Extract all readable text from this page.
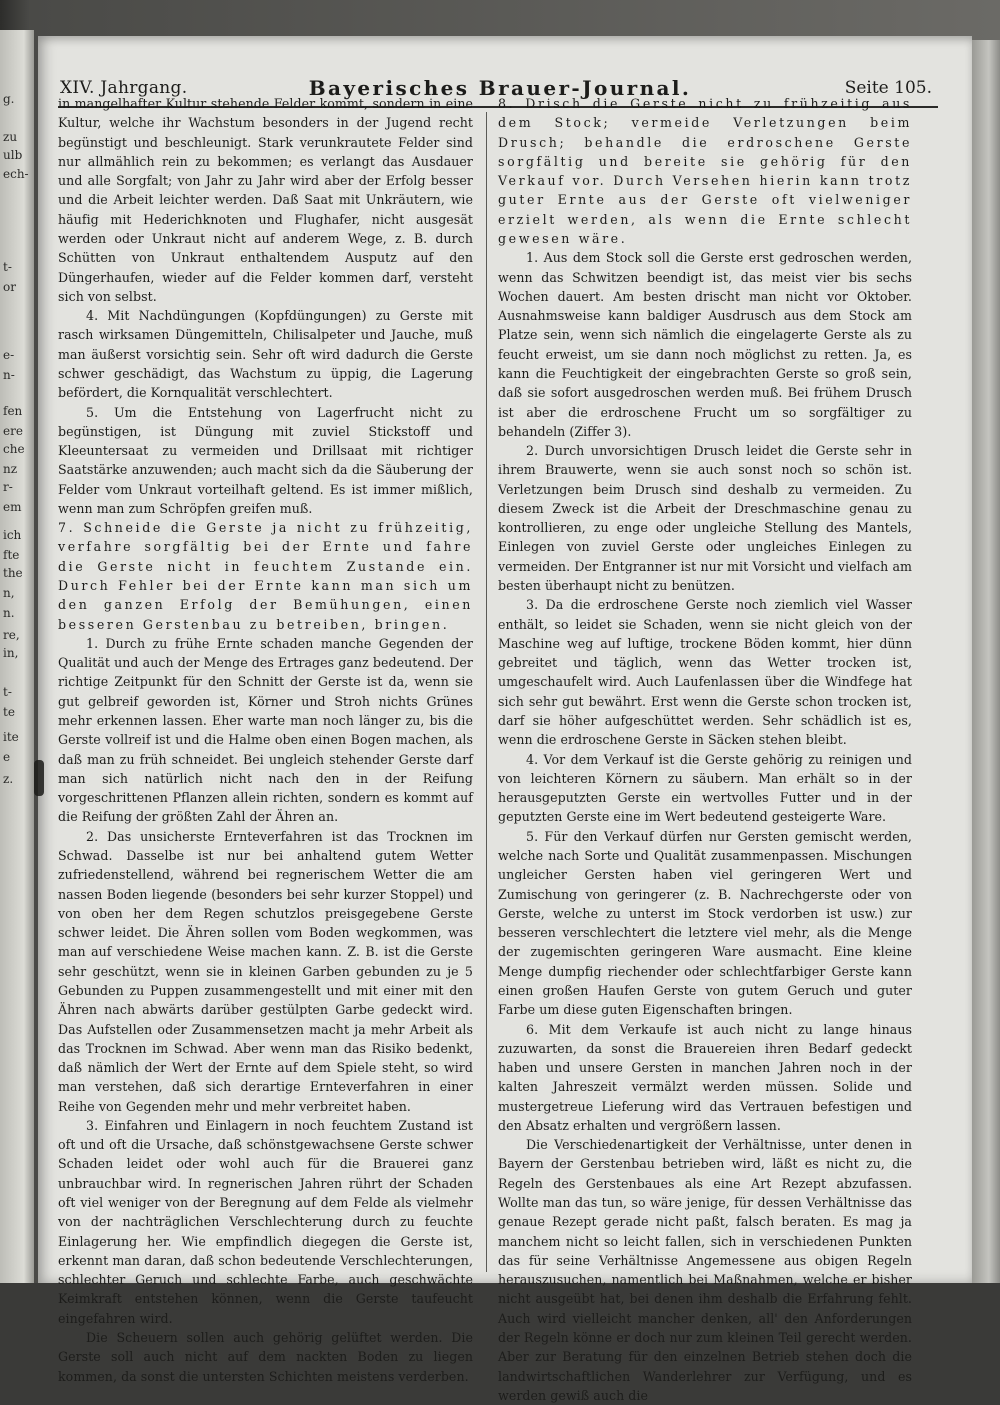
g.
zu
ulb
ech-
t-
or
e-
n-
fen
ere
che
nz
r-
em
ich
fte
the
n,
n.
re,
in,
t-
te
ite
e
z.
XIV. Jahrgang.	Bayerisches Brauer-Journal.	Seite 105.

in mangelhafter Kultur stehende Felder kommt, sondern in eine Kultur, welche ihr Wachstum besonders in der Jugend recht begünstigt und beschleunigt. Stark verunkrautete Felder sind nur allmählich rein zu bekommen; es verlangt das Ausdauer und alle Sorgfalt; von Jahr zu Jahr wird aber der Erfolg besser und die Arbeit leichter werden. Daß Saat mit Unkräutern, wie häufig mit Hederichknoten und Flughafer, nicht ausgesät werden oder Unkraut nicht auf anderem Wege, z. B. durch Schütten von Unkraut enthaltendem Ausputz auf den Düngerhaufen, wieder auf die Felder kommen darf, versteht sich von selbst.

4. Mit Nachdüngungen (Kopfdüngungen) zu Gerste mit rasch wirksamen Düngemitteln, Chilisalpeter und Jauche, muß man äußerst vorsichtig sein. Sehr oft wird dadurch die Gerste schwer geschädigt, das Wachstum zu üppig, die Lagerung befördert, die Kornqualität verschlechtert.

5. Um die Entstehung von Lagerfrucht nicht zu begünstigen, ist Düngung mit zuviel Stickstoff und Kleeuntersaat zu vermeiden und Drillsaat mit richtiger Saatstärke anzuwenden; auch macht sich da die Säuberung der Felder vom Unkraut vorteilhaft geltend. Es ist immer mißlich, wenn man zum Schröpfen greifen muß.

7. Schneide die Gerste ja nicht zu frühzeitig, verfahre sorgfältig bei der Ernte und fahre die Gerste nicht in feuchtem Zustande ein. Durch Fehler bei der Ernte kann man sich um den ganzen Erfolg der Bemühungen, einen besseren Gerstenbau zu betreiben, bringen.

1. Durch zu frühe Ernte schaden manche Gegenden der Qualität und auch der Menge des Ertrages ganz bedeutend. Der richtige Zeitpunkt für den Schnitt der Gerste ist da, wenn sie gut gelbreif geworden ist, Körner und Stroh nichts Grünes mehr erkennen lassen. Eher warte man noch länger zu, bis die Gerste vollreif ist und die Halme oben einen Bogen machen, als daß man zu früh schneidet. Bei ungleich stehender Gerste darf man sich natürlich nicht nach den in der Reifung vorgeschrittenen Pflanzen allein richten, sondern es kommt auf die Reifung der größten Zahl der Ähren an.

2. Das unsicherste Ernteverfahren ist das Trocknen im Schwad. Dasselbe ist nur bei anhaltend gutem Wetter zufriedenstellend, während bei regnerischem Wetter die am nassen Boden liegende (besonders bei sehr kurzer Stoppel) und von oben her dem Regen schutzlos preisgegebene Gerste schwer leidet. Die Ähren sollen vom Boden wegkommen, was man auf verschiedene Weise machen kann. Z. B. ist die Gerste sehr geschützt, wenn sie in kleinen Garben gebunden zu je 5 Gebunden zu Puppen zusammengestellt und mit einer mit den Ähren nach abwärts darüber gestülpten Garbe gedeckt wird. Das Aufstellen oder Zusammensetzen macht ja mehr Arbeit als das Trocknen im Schwad. Aber wenn man das Risiko bedenkt, daß nämlich der Wert der Ernte auf dem Spiele steht, so wird man verstehen, daß sich derartige Ernteverfahren in einer Reihe von Gegenden mehr und mehr verbreitet haben.

3. Einfahren und Einlagern in noch feuchtem Zustand ist oft und oft die Ursache, daß schönstgewachsene Gerste schwer Schaden leidet oder wohl auch für die Brauerei ganz unbrauchbar wird. In regnerischen Jahren rührt der Schaden oft viel weniger von der Beregnung auf dem Felde als vielmehr von der nachträglichen Verschlechterung durch zu feuchte Einlagerung her. Wie empfindlich diegegen die Gerste ist, erkennt man daran, daß schon bedeutende Verschlechterungen, schlechter Geruch und schlechte Farbe, auch geschwächte Keimkraft entstehen können, wenn die Gerste taufeucht eingefahren wird.

Die Scheuern sollen auch gehörig gelüftet werden. Die Gerste soll auch nicht auf dem nackten Boden zu liegen kommen, da sonst die untersten Schichten meistens verderben.

8. Drisch die Gerste nicht zu frühzeitig aus dem Stock; vermeide Verletzungen beim Drusch; behandle die erdroschene Gerste sorgfältig und bereite sie gehörig für den Verkauf vor. Durch Versehen hierin kann trotz guter Ernte aus der Gerste oft vielweniger erzielt werden, als wenn die Ernte schlecht gewesen wäre.

1. Aus dem Stock soll die Gerste erst gedroschen werden, wenn das Schwitzen beendigt ist, das meist vier bis sechs Wochen dauert. Am besten drischt man nicht vor Oktober. Ausnahmsweise kann baldiger Ausdrusch aus dem Stock am Platze sein, wenn sich nämlich die eingelagerte Gerste als zu feucht erweist, um sie dann noch möglichst zu retten. Ja, es kann die Feuchtigkeit der eingebrachten Gerste so groß sein, daß sie sofort ausgedroschen werden muß. Bei frühem Drusch ist aber die erdroschene Frucht um so sorgfältiger zu behandeln (Ziffer 3).

2. Durch unvorsichtigen Drusch leidet die Gerste sehr in ihrem Brauwerte, wenn sie auch sonst noch so schön ist. Verletzungen beim Drusch sind deshalb zu vermeiden. Zu diesem Zweck ist die Arbeit der Dreschmaschine genau zu kontrollieren, zu enge oder ungleiche Stellung des Mantels, Einlegen von zuviel Gerste oder ungleiches Einlegen zu vermeiden. Der Entgranner ist nur mit Vorsicht und vielfach am besten überhaupt nicht zu benützen.

3. Da die erdroschene Gerste noch ziemlich viel Wasser enthält, so leidet sie Schaden, wenn sie nicht gleich von der Maschine weg auf luftige, trockene Böden kommt, hier dünn gebreitet und täglich, wenn das Wetter trocken ist, umgeschaufelt wird. Auch Laufenlassen über die Windfege hat sich sehr gut bewährt. Erst wenn die Gerste schon trocken ist, darf sie höher aufgeschüttet werden. Sehr schädlich ist es, wenn die erdroschene Gerste in Säcken stehen bleibt.

4. Vor dem Verkauf ist die Gerste gehörig zu reinigen und von leichteren Körnern zu säubern. Man erhält so in der herausgeputzten Gerste ein wertvolles Futter und in der geputzten Gerste eine im Wert bedeutend gesteigerte Ware.

5. Für den Verkauf dürfen nur Gersten gemischt werden, welche nach Sorte und Qualität zusammenpassen. Mischungen ungleicher Gersten haben viel geringeren Wert und Zumischung von geringerer (z. B. Nachrechgerste oder von Gerste, welche zu unterst im Stock verdorben ist usw.) zur besseren verschlechtert die letztere viel mehr, als die Menge der zugemischten geringeren Ware ausmacht. Eine kleine Menge dumpfig riechender oder schlechtfarbiger Gerste kann einen großen Haufen Gerste von gutem Geruch und guter Farbe um diese guten Eigenschaften bringen.

6. Mit dem Verkaufe ist auch nicht zu lange hinaus zuzuwarten, da sonst die Brauereien ihren Bedarf gedeckt haben und unsere Gersten in manchen Jahren noch in der kalten Jahreszeit vermälzt werden müssen. Solide und mustergetreue Lieferung wird das Vertrauen befestigen und den Absatz erhalten und vergrößern lassen.

Die Verschiedenartigkeit der Verhältnisse, unter denen in Bayern der Gerstenbau betrieben wird, läßt es nicht zu, die Regeln des Gerstenbaues als eine Art Rezept abzufassen. Wollte man das tun, so wäre jenige, für dessen Verhältnisse das genaue Rezept gerade nicht paßt, falsch beraten. Es mag ja manchem nicht so leicht fallen, sich in verschiedenen Punkten das für seine Verhältnisse Angemessene aus obigen Regeln herauszusuchen, namentlich bei Maßnahmen, welche er bisher nicht ausgeübt hat, bei denen ihm deshalb die Erfahrung fehlt. Auch wird vielleicht mancher denken, all' den Anforderungen der Regeln könne er doch nur zum kleinen Teil gerecht werden. Aber zur Beratung für den einzelnen Betrieb stehen doch die landwirtschaftlichen Wanderlehrer zur Verfügung, und es werden gewiß auch die
